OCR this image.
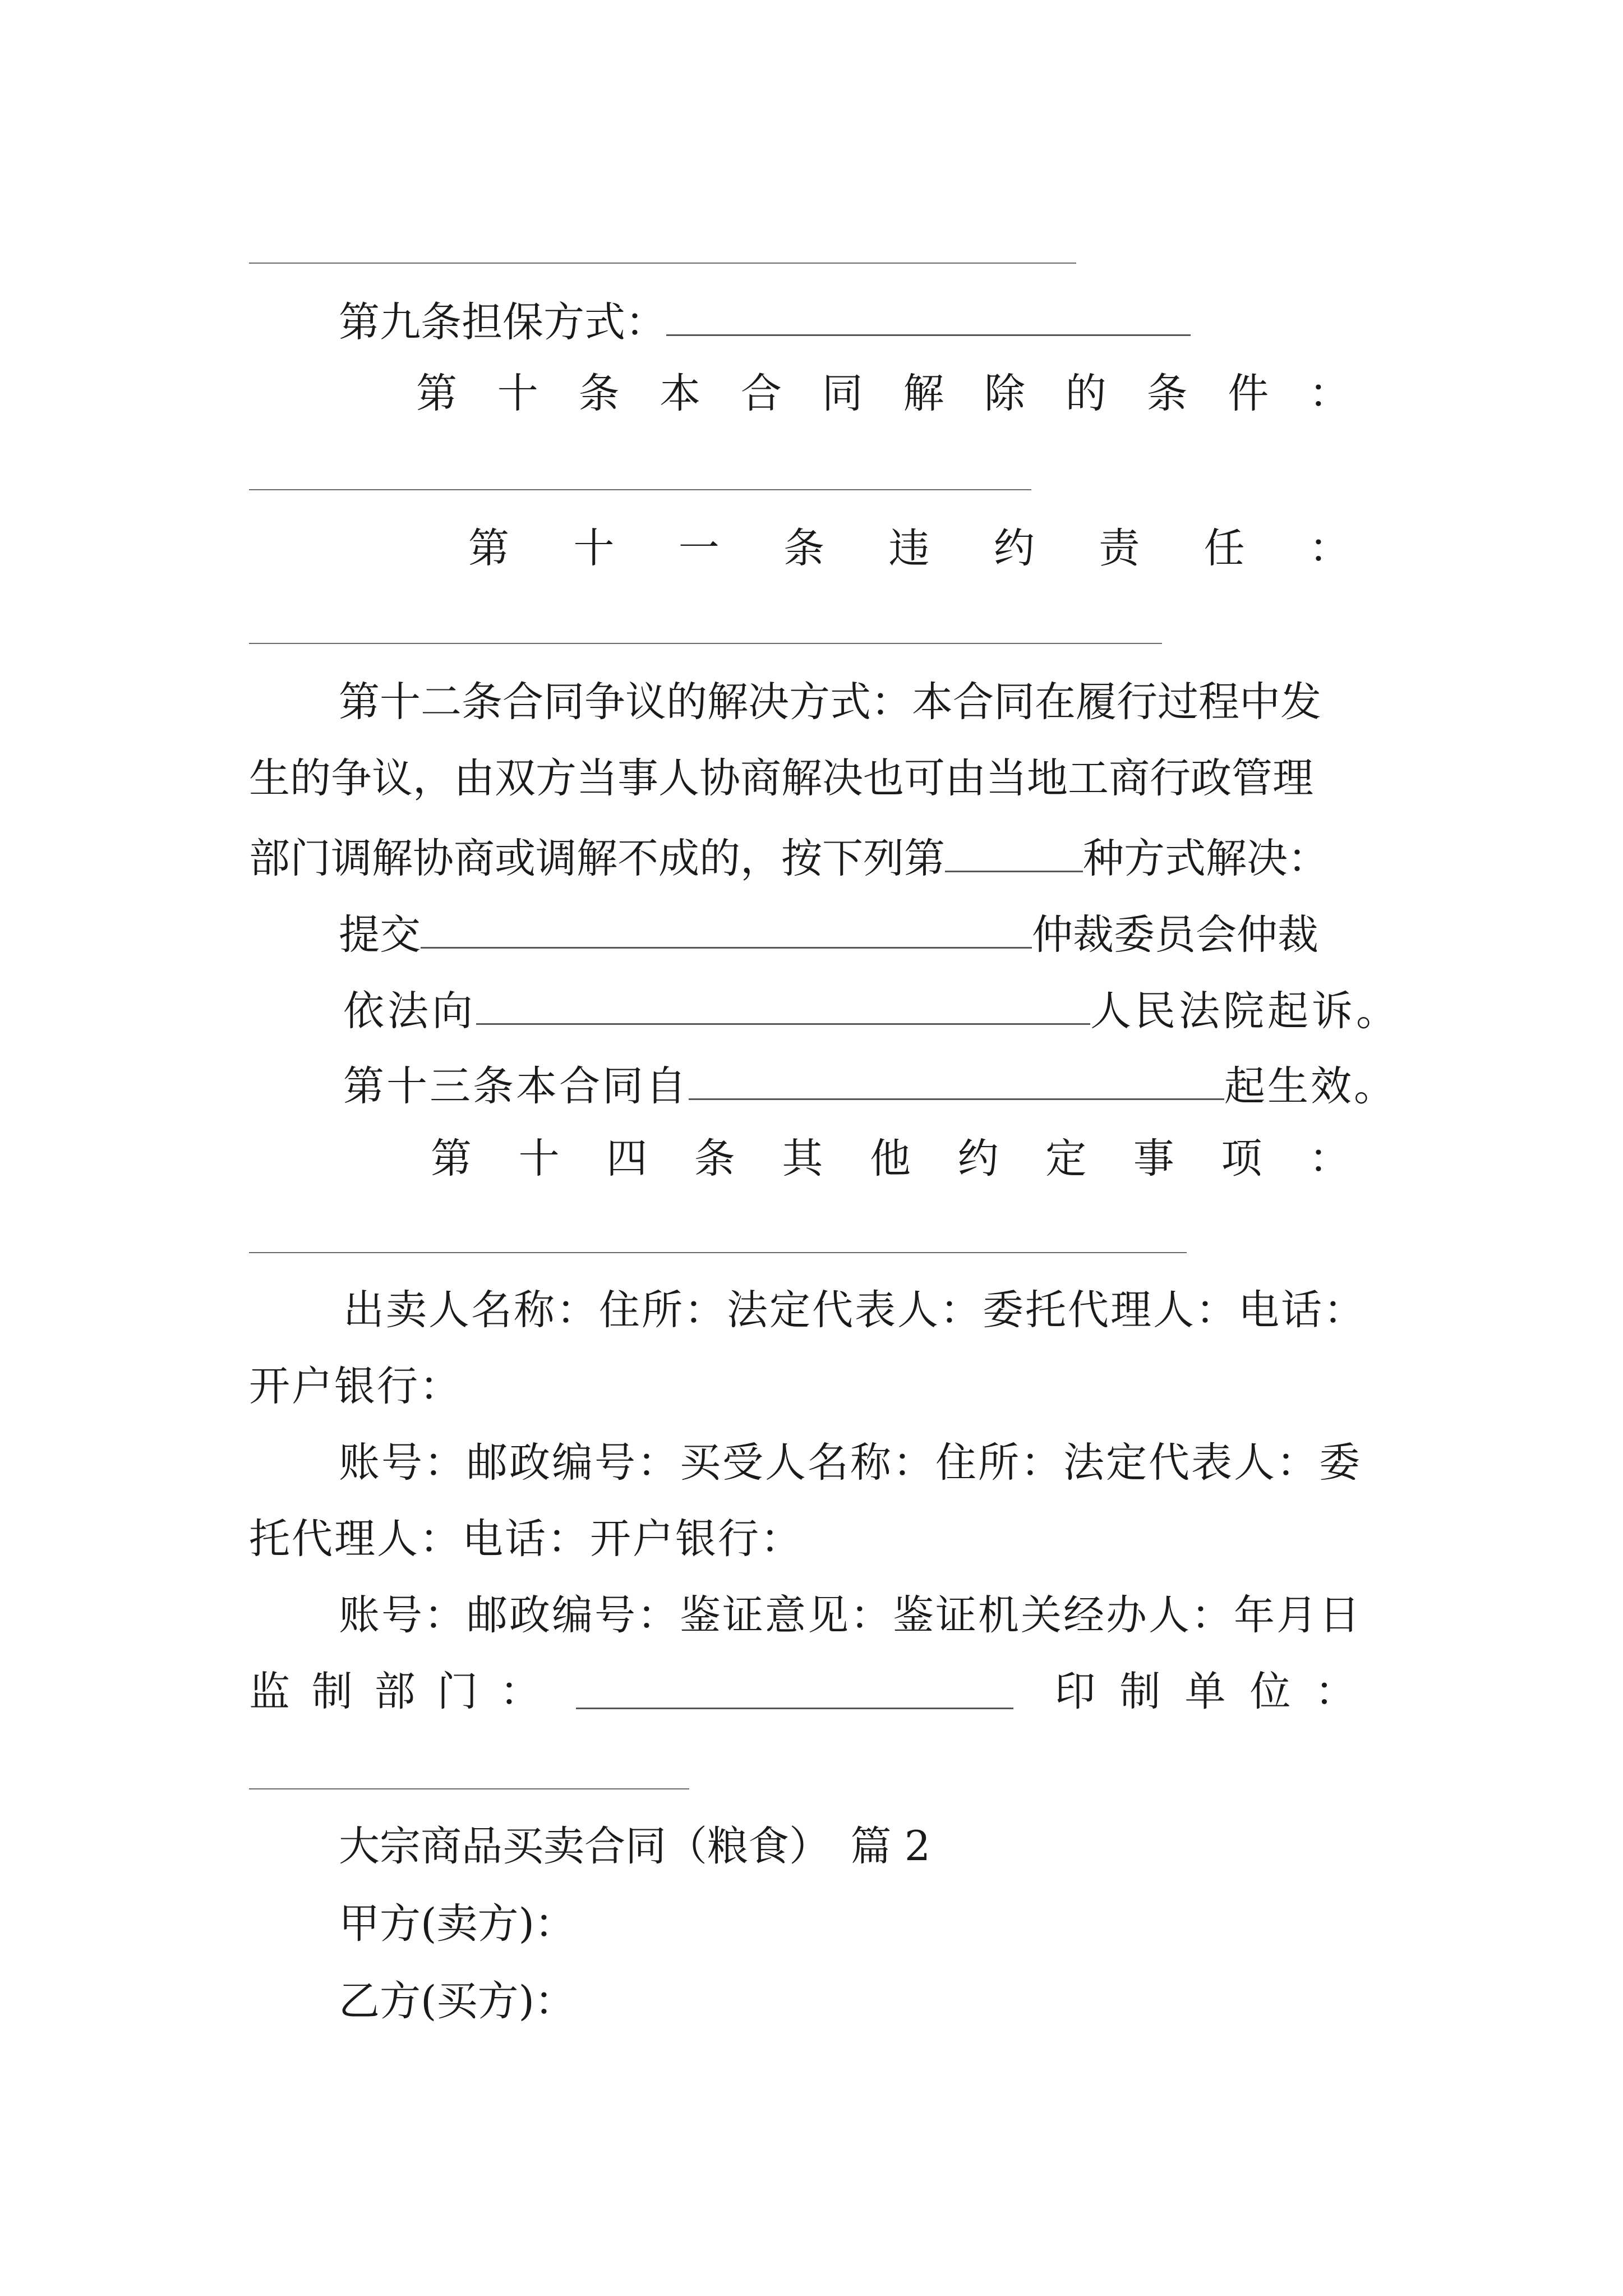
第九条担保方式：
第 十 条 本 合 同 解 除 的 条 件 ：
第 十 一 条 违 约 责 任 ：
第十二条合同争议的解决方式：本合同在履行过程中发
生的争议，由双方当事人协商解决也可由当地工商行政管理
部门调解协商或调解不成的，按下列第	种方式解决：
提交	仲裁委员会仲裁
依法向	人民法院起诉。
第十三条本合同自	起生效。
第 十 四 条 其 他 约 定 事 项 ：
出卖人名称：住所：法定代表人：委托代理人：电话：
开户银行：
账号：邮政编号：买受人名称：住所：法定代表人：委
托代理人：电话：开户银行：
账号：邮政编号：鉴证意见：鉴证机关经办人：年月日
监 制 部 门 ：
	印 制 单 位 ：
大宗商品买卖合同（粮食）　篇 2
甲方(卖方)：
乙方(买方)：
